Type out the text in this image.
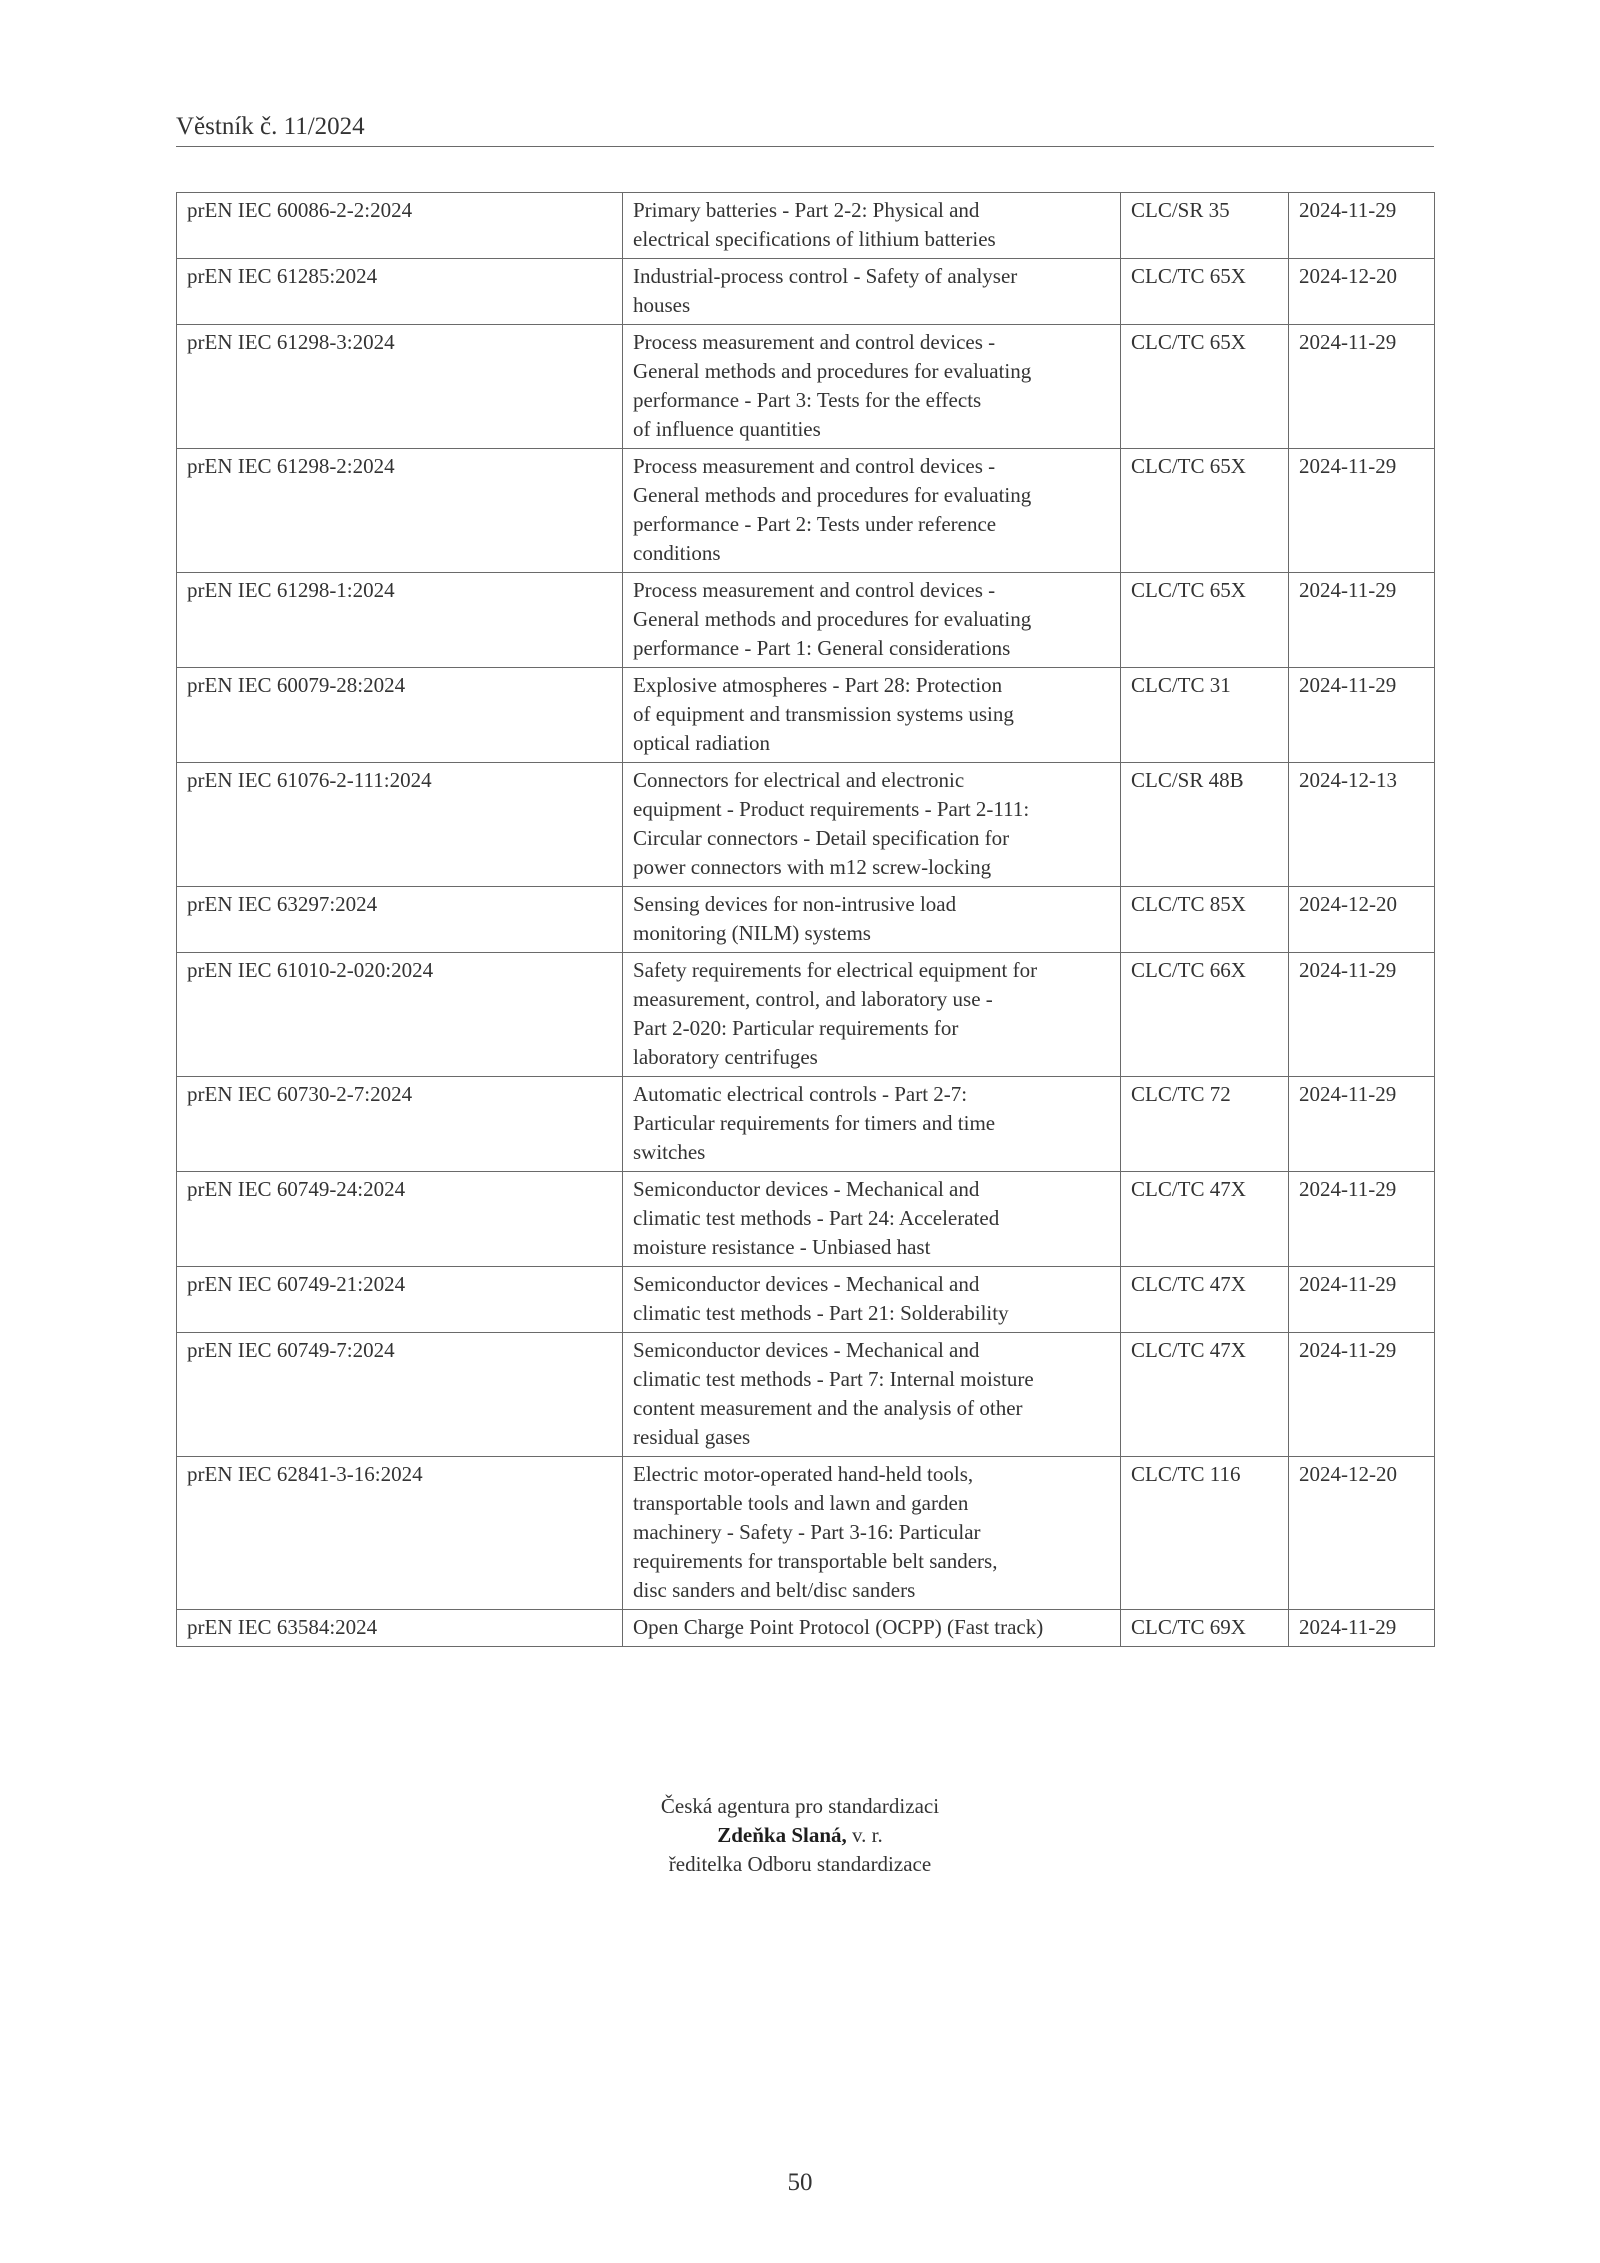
Věstník č. 11/2024
prEN IEC 60086-2-2:2024	Primary batteries - Part 2-2: Physical and
electrical specifications of lithium batteries	CLC/SR 35	2024-11-29
prEN IEC 61285:2024	Industrial-process control - Safety of analyser
houses	CLC/TC 65X	2024-12-20
prEN IEC 61298-3:2024	Process measurement and control devices -
General methods and procedures for evaluating
performance - Part 3: Tests for the effects
of influence quantities	CLC/TC 65X	2024-11-29
prEN IEC 61298-2:2024	Process measurement and control devices -
General methods and procedures for evaluating
performance - Part 2: Tests under reference
conditions	CLC/TC 65X	2024-11-29
prEN IEC 61298-1:2024	Process measurement and control devices -
General methods and procedures for evaluating
performance - Part 1: General considerations	CLC/TC 65X	2024-11-29
prEN IEC 60079-28:2024	Explosive atmospheres - Part 28: Protection
of equipment and transmission systems using
optical radiation	CLC/TC 31	2024-11-29
prEN IEC 61076-2-111:2024	Connectors for electrical and electronic
equipment - Product requirements - Part 2-111:
Circular connectors - Detail specification for
power connectors with m12 screw-locking	CLC/SR 48B	2024-12-13
prEN IEC 63297:2024	Sensing devices for non-intrusive load
monitoring (NILM) systems	CLC/TC 85X	2024-12-20
prEN IEC 61010-2-020:2024	Safety requirements for electrical equipment for
measurement, control, and laboratory use -
Part 2-020: Particular requirements for
laboratory centrifuges	CLC/TC 66X	2024-11-29
prEN IEC 60730-2-7:2024	Automatic electrical controls - Part 2-7:
Particular requirements for timers and time
switches	CLC/TC 72	2024-11-29
prEN IEC 60749-24:2024	Semiconductor devices - Mechanical and
climatic test methods - Part 24: Accelerated
moisture resistance - Unbiased hast	CLC/TC 47X	2024-11-29
prEN IEC 60749-21:2024	Semiconductor devices - Mechanical and
climatic test methods - Part 21: Solderability	CLC/TC 47X	2024-11-29
prEN IEC 60749-7:2024	Semiconductor devices - Mechanical and
climatic test methods - Part 7: Internal moisture
content measurement and the analysis of other
residual gases	CLC/TC 47X	2024-11-29
prEN IEC 62841-3-16:2024	Electric motor-operated hand-held tools,
transportable tools and lawn and garden
machinery - Safety - Part 3-16: Particular
requirements for transportable belt sanders,
disc sanders and belt/disc sanders	CLC/TC 116	2024-12-20
prEN IEC 63584:2024	Open Charge Point Protocol (OCPP) (Fast track)	CLC/TC 69X	2024-11-29
Česká agentura pro standardizaci
Zdeňka Slaná, v. r.
ředitelka Odboru standardizace
50
